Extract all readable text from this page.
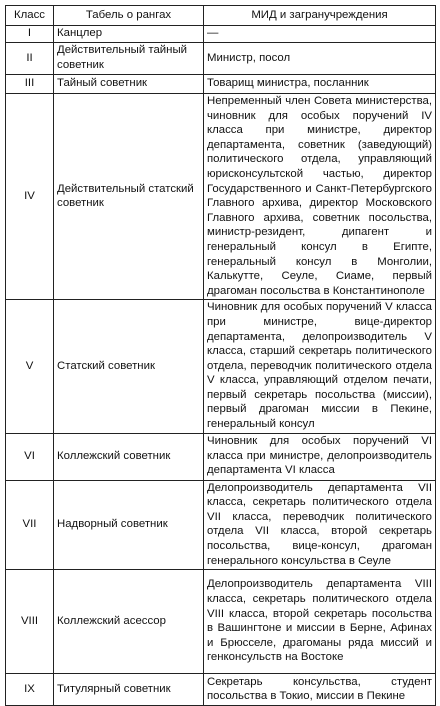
Класс	Табель о рангах	МИД и загранучреждения
I	Канцлер	—
II	Действительный тайный советник	Министр, посол
III	Тайный советник	Товарищ министра, посланник
IV	Действительный статский советник	Непременный член Совета министерства, чиновник для особых поручений IV класса при министре, директор департамента, советник (заведующий) политического отдела, управляющий юрисконсультской частью, директор Государственного и Санкт-Петербургского Главного архива, директор Московского Главного архива, советник посольства, министр-резидент, дипагент и генеральный консул в Египте, генеральный консул в Монголии, Калькутте, Сеуле, Сиаме, первый драгоман посольства в Константинополе
V	Статский советник	Чиновник для особых поручений V класса при министре, вице-директор департамента, делопроизводитель V класса, старший секретарь политического отдела, переводчик политического отдела V класса, управляющий отделом печати, первый секретарь посольства (миссии), первый драгоман миссии в Пекине, генеральный консул
VI	Коллежский советник	Чиновник для особых поручений VI класса при министре, делопроизводитель департамента VI класса
VII	Надворный советник	Делопроизводитель департамента VII класса, секретарь политического отдела VII класса, переводчик политического отдела VII класса, второй секретарь посольства, вице-консул, драгоман генерального консульства в Сеуле
VIII	Коллежский асессор	Делопроизводитель департамента VIII класса, секретарь политического отдела VIII класса, второй секретарь посольства в Вашингтоне и миссии в Берне, Афинах и Брюсселе, драгоманы ряда миссий и генконсульств на Востоке
IX	Титулярный советник	Секретарь консульства, студент посольства в Токио, миссии в Пекине
